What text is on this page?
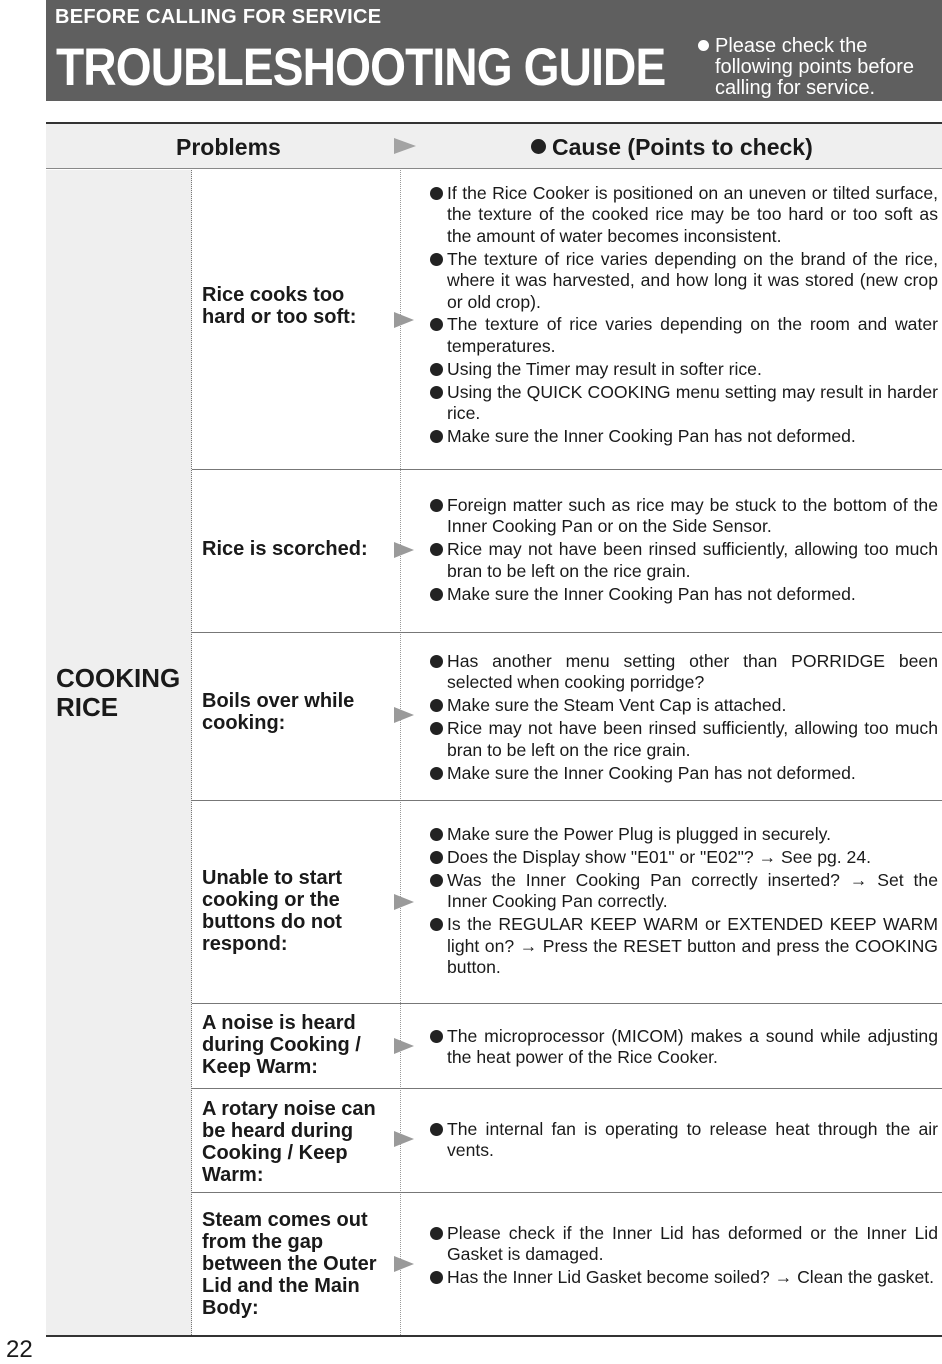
BEFORE CALLING FOR SERVICE
TROUBLESHOOTING GUIDE Please check the following points before calling for service.
Problems	Cause (Points to check)
COOKING RICE
Rice cooks too hard or too soft:
If the Rice Cooker is positioned on an uneven or tilted surface, the texture of the cooked rice may be too hard or too soft as the amount of water becomes inconsistent.
The texture of rice varies depending on the brand of the rice, where it was harvested, and how long it was stored (new crop or old crop).
The texture of rice varies depending on the room and water temperatures.
Using the Timer may result in softer rice.
Using the QUICK COOKING menu setting may result in harder rice.
Make sure the Inner Cooking Pan has not deformed.
Rice is scorched:
Foreign matter such as rice may be stuck to the bottom of the Inner Cooking Pan or on the Side Sensor.
Rice may not have been rinsed sufficiently, allowing too much bran to be left on the rice grain.
Make sure the Inner Cooking Pan has not deformed.
Boils over while cooking:
Has another menu setting other than PORRIDGE been selected when cooking porridge?
Make sure the Steam Vent Cap is attached.
Rice may not have been rinsed sufficiently, allowing too much bran to be left on the rice grain.
Make sure the Inner Cooking Pan has not deformed.
Unable to start cooking or the buttons do not respond:
Make sure the Power Plug is plugged in securely.
Does the Display show "E01" or "E02"? → See pg. 24.
Was the Inner Cooking Pan correctly inserted? → Set the Inner Cooking Pan correctly.
Is the REGULAR KEEP WARM or EXTENDED KEEP WARM light on? → Press the RESET button and press the COOKING button.
A noise is heard during Cooking / Keep Warm:
The microprocessor (MICOM) makes a sound while adjusting the heat power of the Rice Cooker.
A rotary noise can be heard during Cooking / Keep Warm:
The internal fan is operating to release heat through the air vents.
Steam comes out from the gap between the Outer Lid and the Main Body:
Please check if the Inner Lid has deformed or the Inner Lid Gasket is damaged.
Has the Inner Lid Gasket become soiled? → Clean the gasket.
22
